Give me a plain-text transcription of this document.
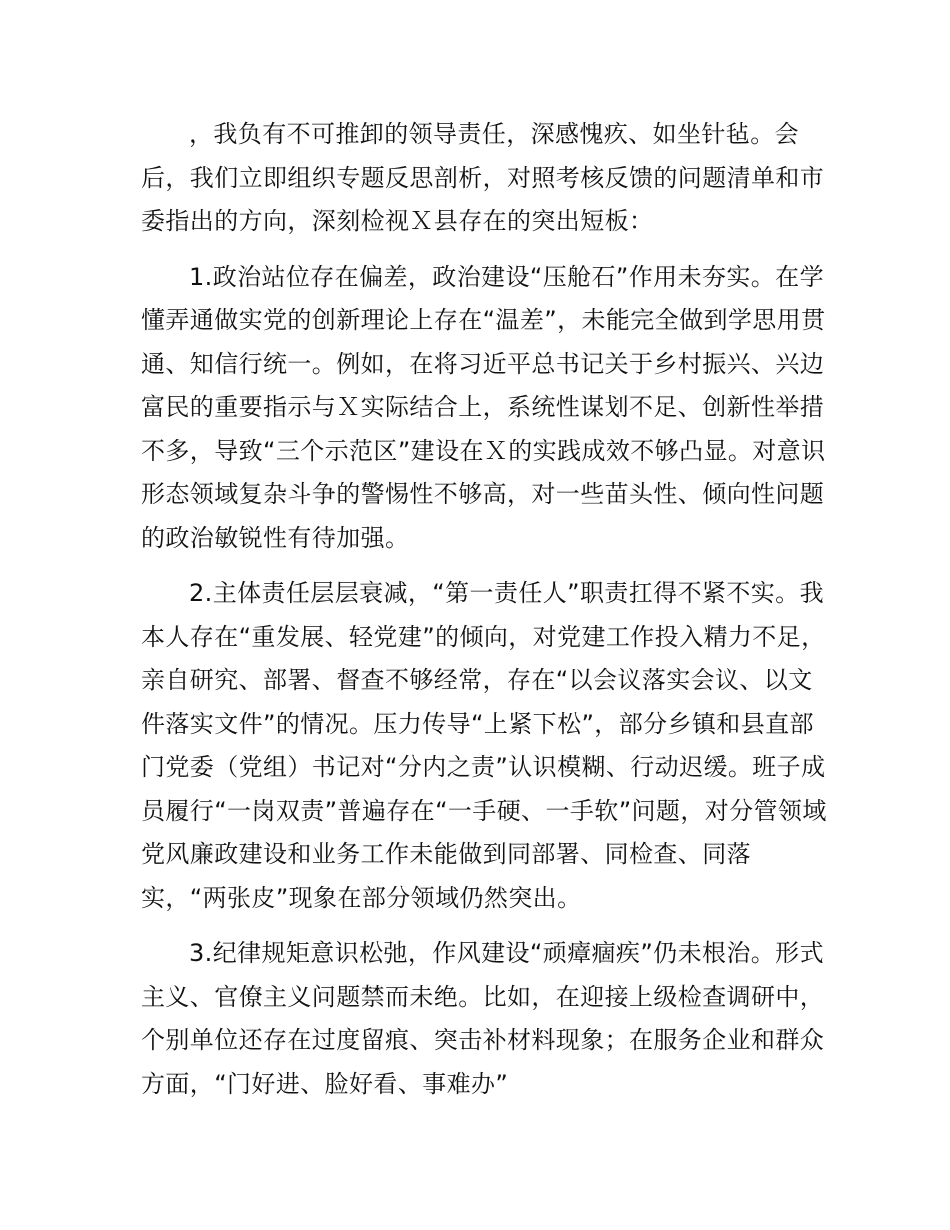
，我负有不可推卸的领导责任，深感愧疚、如坐针毡。会后，我们立即组织专题反思剖析，对照考核反馈的问题清单和市委指出的方向，深刻检视Ｘ县存在的突出短板：

1.政治站位存在偏差，政治建设“压舱石”作用未夯实。在学懂弄通做实党的创新理论上存在“温差”，未能完全做到学思用贯通、知信行统一。例如，在将习近平总书记关于乡村振兴、兴边富民的重要指示与Ｘ实际结合上，系统性谋划不足、创新性举措不多，导致“三个示范区”建设在Ｘ的实践成效不够凸显。对意识形态领域复杂斗争的警惕性不够高，对一些苗头性、倾向性问题的政治敏锐性有待加强。

2.主体责任层层衰减，“第一责任人”职责扛得不紧不实。我本人存在“重发展、轻党建”的倾向，对党建工作投入精力不足，亲自研究、部署、督查不够经常，存在“以会议落实会议、以文件落实文件”的情况。压力传导“上紧下松”，部分乡镇和县直部门党委（党组）书记对“分内之责”认识模糊、行动迟缓。班子成员履行“一岗双责”普遍存在“一手硬、一手软”问题，对分管领域党风廉政建设和业务工作未能做到同部署、同检查、同落实，“两张皮”现象在部分领域仍然突出。

3.纪律规矩意识松弛，作风建设“顽瘴痼疾”仍未根治。形式主义、官僚主义问题禁而未绝。比如，在迎接上级检查调研中，个别单位还存在过度留痕、突击补材料现象；在服务企业和群众方面，“门好进、脸好看、事难办”
